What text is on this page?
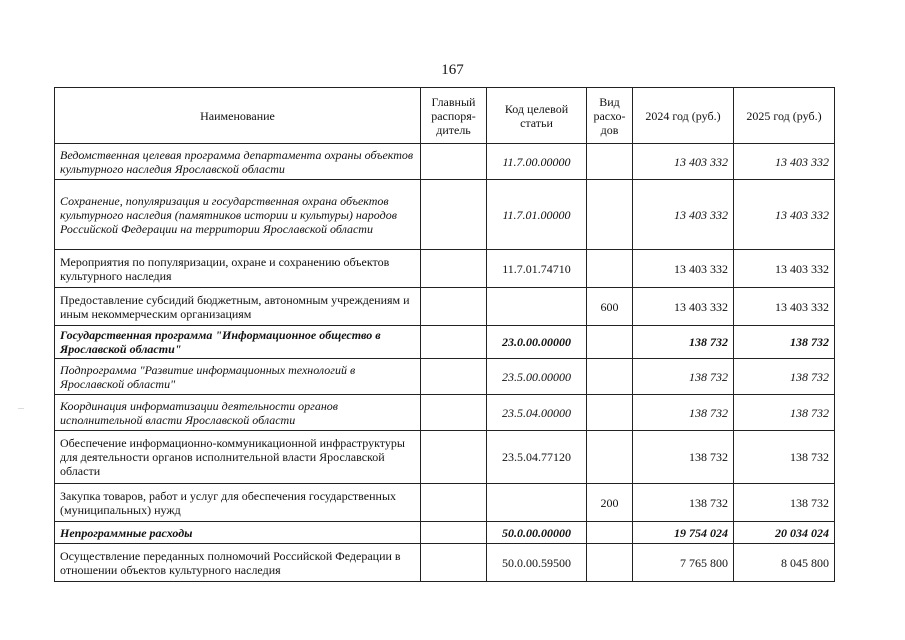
167
Наименование	Главный распоря-дитель	Код целевой статьи	Вид расхо-дов	2024 год (руб.)	2025 год (руб.)
Ведомственная целевая программа департамента охраны объектов культурного наследия Ярославской области		11.7.00.00000		13 403 332	13 403 332
Сохранение, популяризация и государственная охрана объектов культурного наследия (памятников истории и культуры) народов Российской Федерации на территории Ярославской области		11.7.01.00000		13 403 332	13 403 332
Мероприятия по популяризации, охране и сохранению объектов культурного наследия		11.7.01.74710		13 403 332	13 403 332
Предоставление субсидий бюджетным, автономным учреждениям и иным некоммерческим организациям			600	13 403 332	13 403 332
Государственная программа "Информационное общество в Ярославской области"		23.0.00.00000		138 732	138 732
Подпрограмма "Развитие информационных технологий в Ярославской области"		23.5.00.00000		138 732	138 732
Координация информатизации деятельности органов исполнительной власти Ярославской области		23.5.04.00000		138 732	138 732
Обеспечение информационно-коммуникационной инфраструктуры для деятельности органов исполнительной власти Ярославской области		23.5.04.77120		138 732	138 732
Закупка товаров, работ и услуг для обеспечения государственных (муниципальных) нужд			200	138 732	138 732
Непрограммные расходы		50.0.00.00000		19 754 024	20 034 024
Осуществление переданных полномочий Российской Федерации в отношении объектов культурного наследия		50.0.00.59500		7 765 800	8 045 800
